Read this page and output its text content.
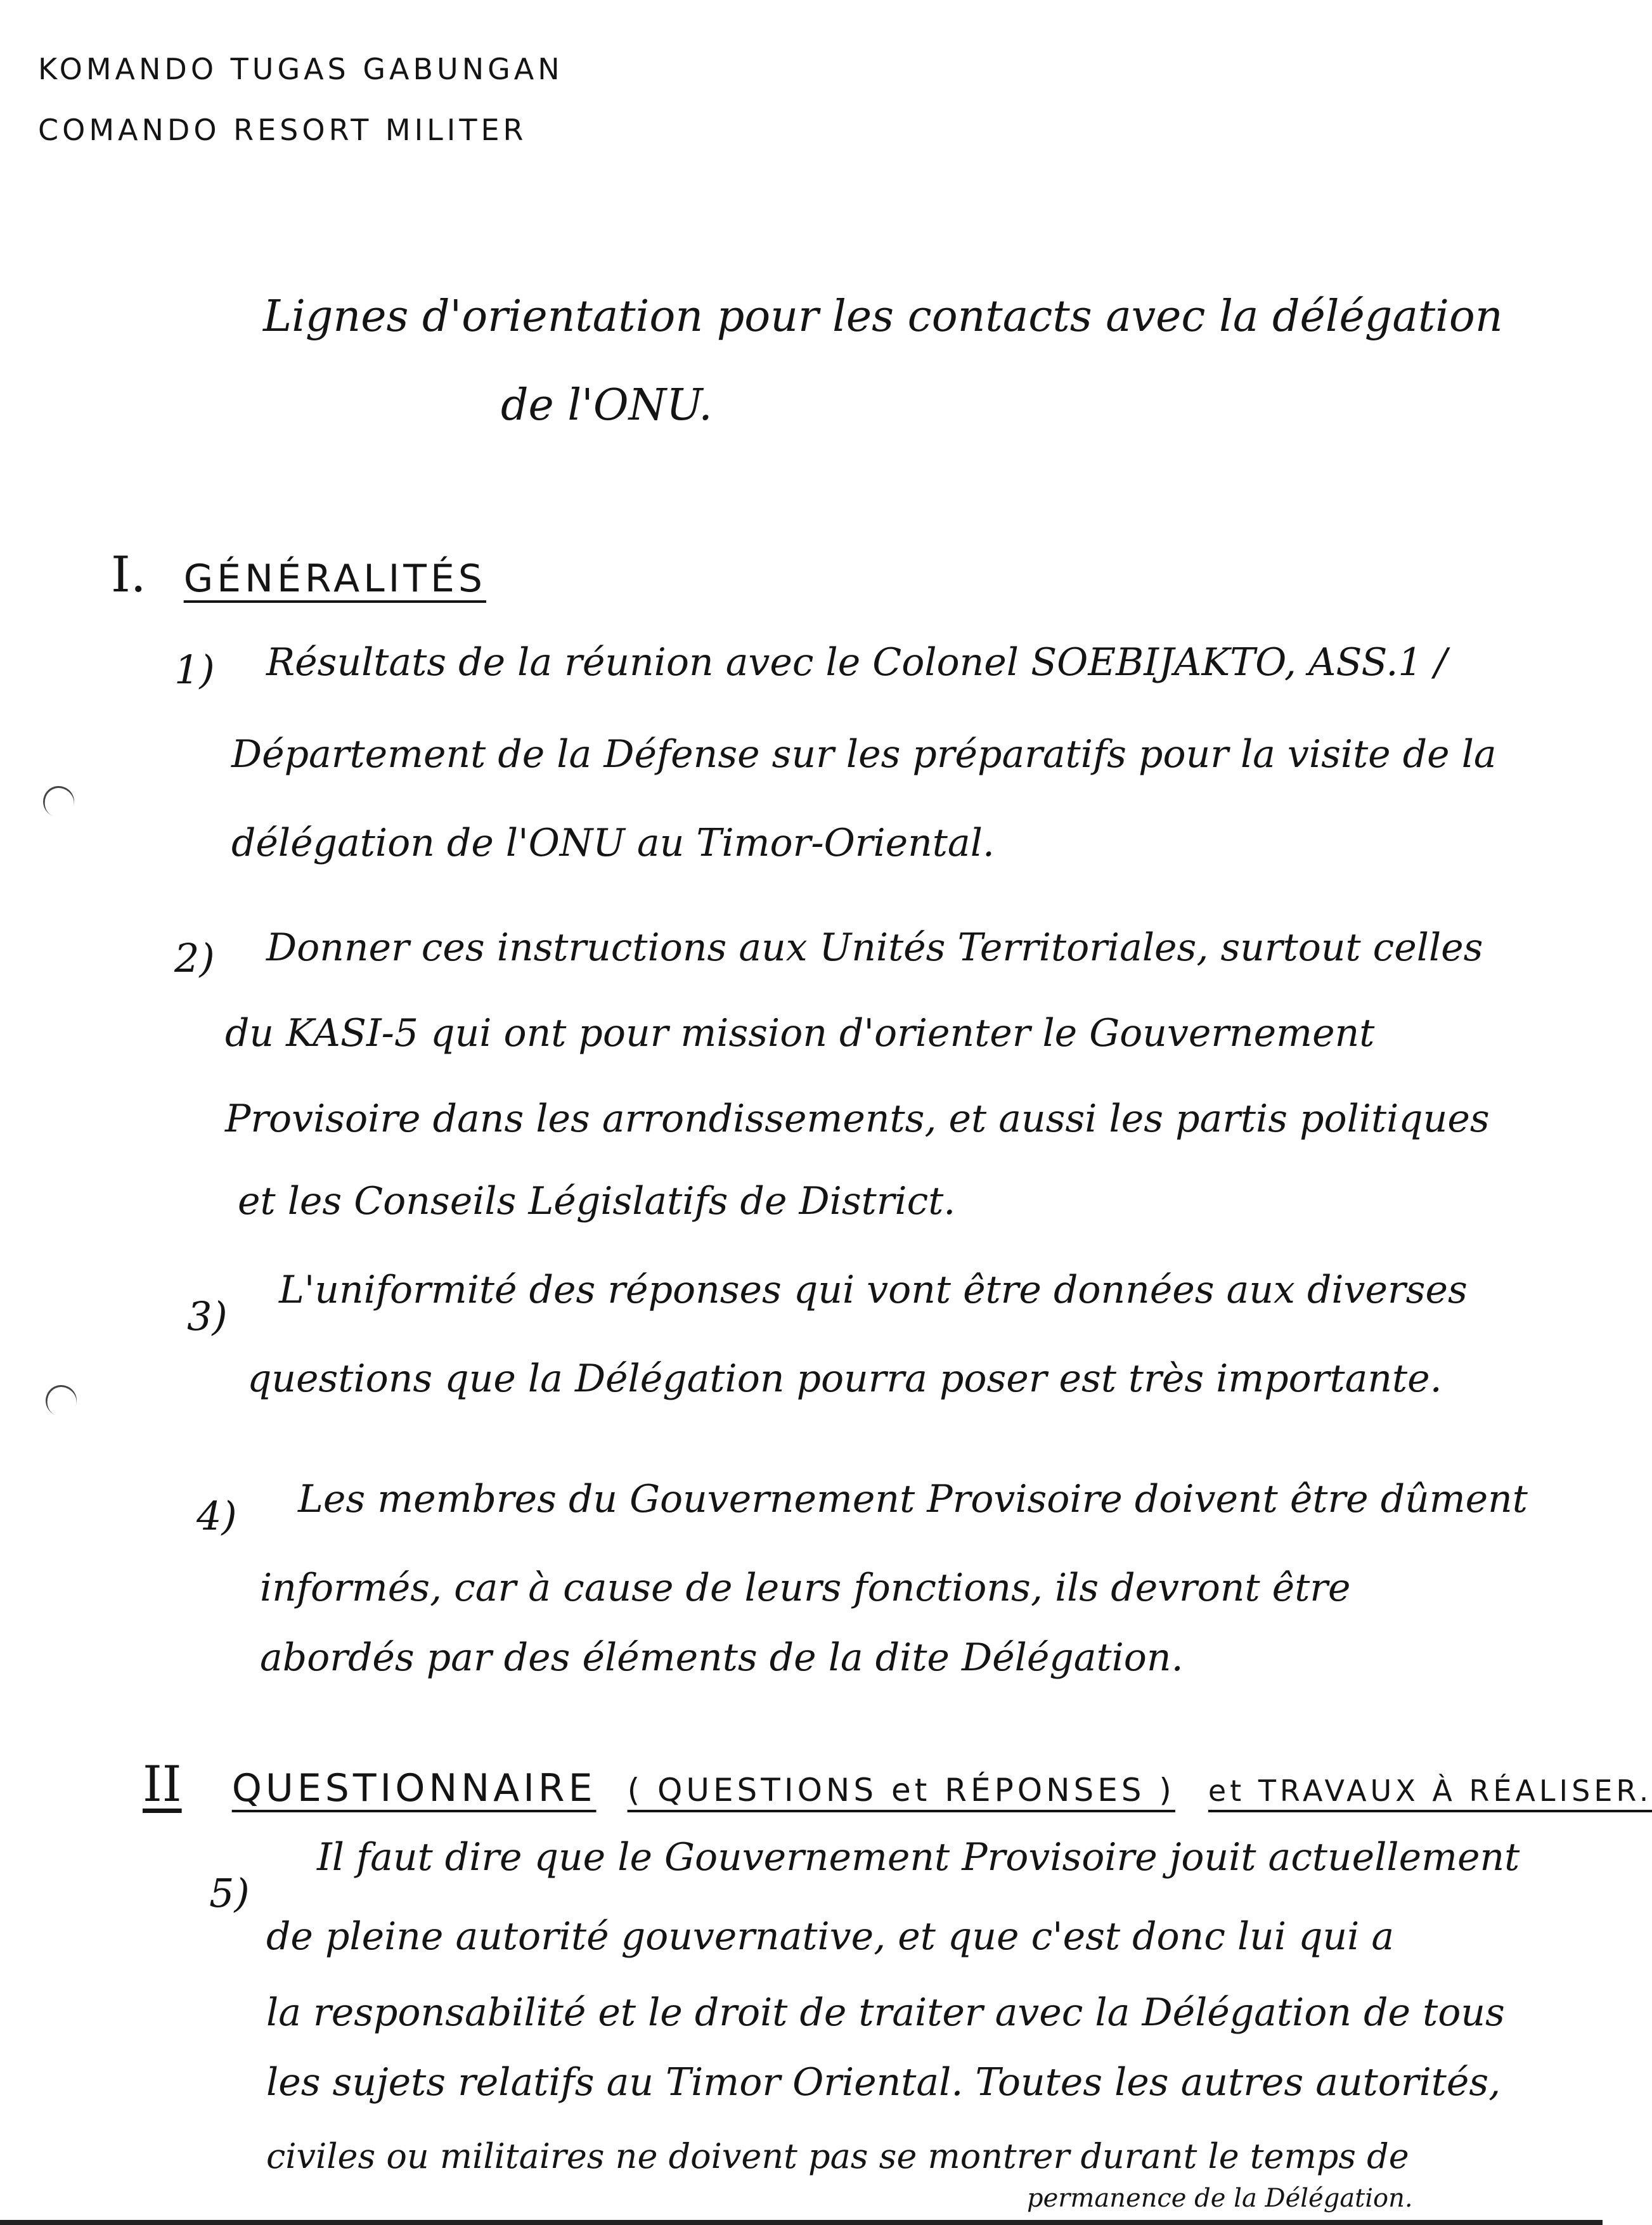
KOMANDO TUGAS GABUNGAN
COMANDO RESORT MILITER
Lignes d'orientation pour les contacts avec la délégation
de l'ONU.
I. GÉNÉRALITÉS
1) Résultats de la réunion avec le Colonel SOEBIJAKTO, ASS.1 /
Département de la Défense sur les préparatifs pour la visite de la
délégation de l'ONU au Timor-Oriental.
2) Donner ces instructions aux Unités Territoriales, surtout celles
du KASI-5 qui ont pour mission d'orienter le Gouvernement
Provisoire dans les arrondissements, et aussi les partis politiques
et les Conseils Législatifs de District.
3)
L'uniformité des réponses qui vont être données aux diverses
questions que la Délégation pourra poser est très importante.
4) Les membres du Gouvernement Provisoire doivent être dûment
informés, car à cause de leurs fonctions, ils devront être
abordés par des éléments de la dite Délégation.
II QUESTIONNAIRE ( QUESTIONS et RÉPONSES ) et TRAVAUX À RÉALISER.
5)
Il faut dire que le Gouvernement Provisoire jouit actuellement
de pleine autorité gouvernative, et que c'est donc lui qui a
la responsabilité et le droit de traiter avec la Délégation de tous
les sujets relatifs au Timor Oriental. Toutes les autres autorités,
civiles ou militaires ne doivent pas se montrer durant le temps de
permanence de la Délégation.
